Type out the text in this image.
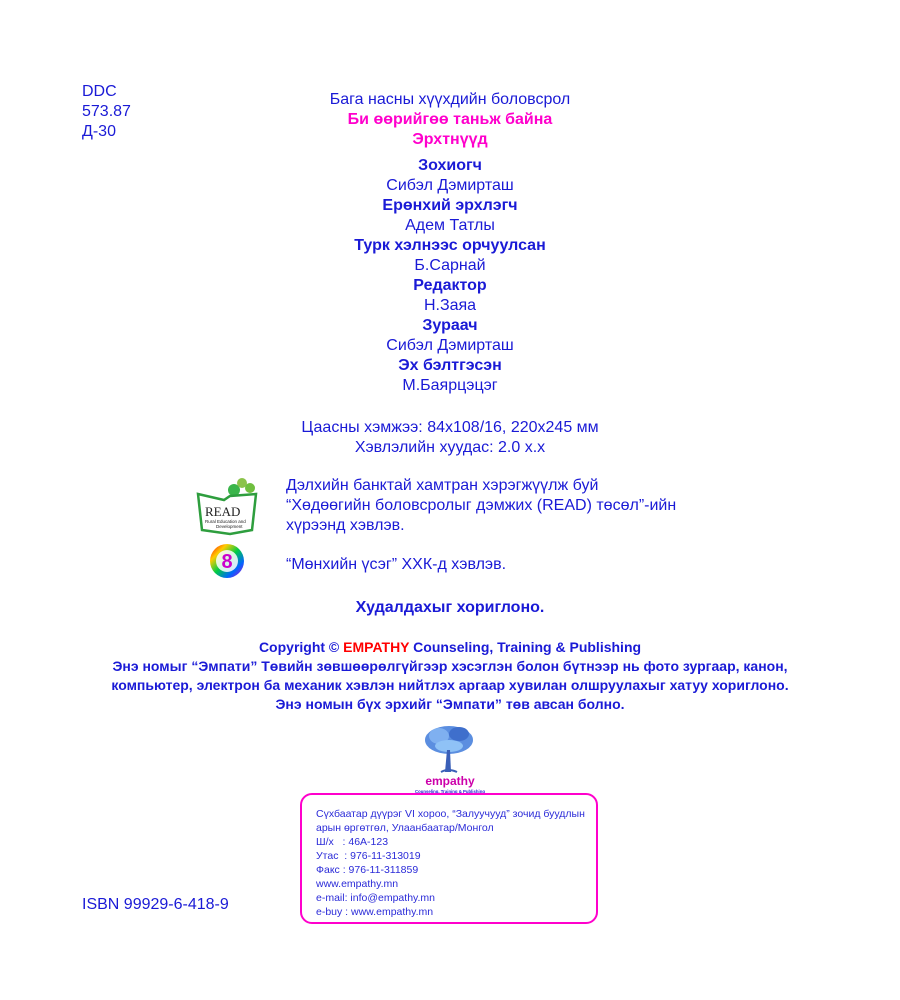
DDC
573.87
Д-30
Бага насны хүүхдийн боловсрол
Би өөрийгөө таньж байна
Эрхтнүүд
Зохиогч
Сибэл Дэмирташ
Ерөнхий эрхлэгч
Адем Татлы
Турк хэлнээс орчуулсан
Б.Сарнай
Редактор
Н.Заяа
Зураач
Сибэл Дэмирташ
Эх бэлтгэсэн
М.Баярцэцэг
Цаасны хэмжээ: 84x108/16, 220x245 мм
Хэвлэлийн хуудас: 2.0 х.х
READ
Rural Education and
Development
Дэлхийн банктай хамтран хэрэгжүүлж буй
“Хөдөөгийн боловсролыг дэмжих (READ) төсөл”-ийн
хүрээнд хэвлэв.
8	“Мөнхийн үсэг” ХХК-д хэвлэв.
Худалдахыг хориглоно.
Copyright © EMPATHY Counseling, Training & Publishing
Энэ номыг “Эмпати” Төвийн зөвшөөрөлгүйгээр хэсэглэн болон бүтнээр нь фото зургаар, канон,
компьютер, электрон ба механик хэвлэн нийтлэх аргаар хувилан олшруулахыг хатуу хориглоно.
Энэ номын бүх эрхийг “Эмпати” төв авсан болно.
empathy
Counseling, Training & Publishing
Сүхбаатар дүүрэг VI хороо, “Залуучууд” зочид буудлын
арын өргөтгөл, Улаанбаатар/Монгол
Ш/х   : 46А-123
Утас  : 976-11-313019
Факс : 976-11-311859
www.empathy.mn
e-mail: info@empathy.mn
e-buy : www.empathy.mn
ISBN 99929-6-418-9
